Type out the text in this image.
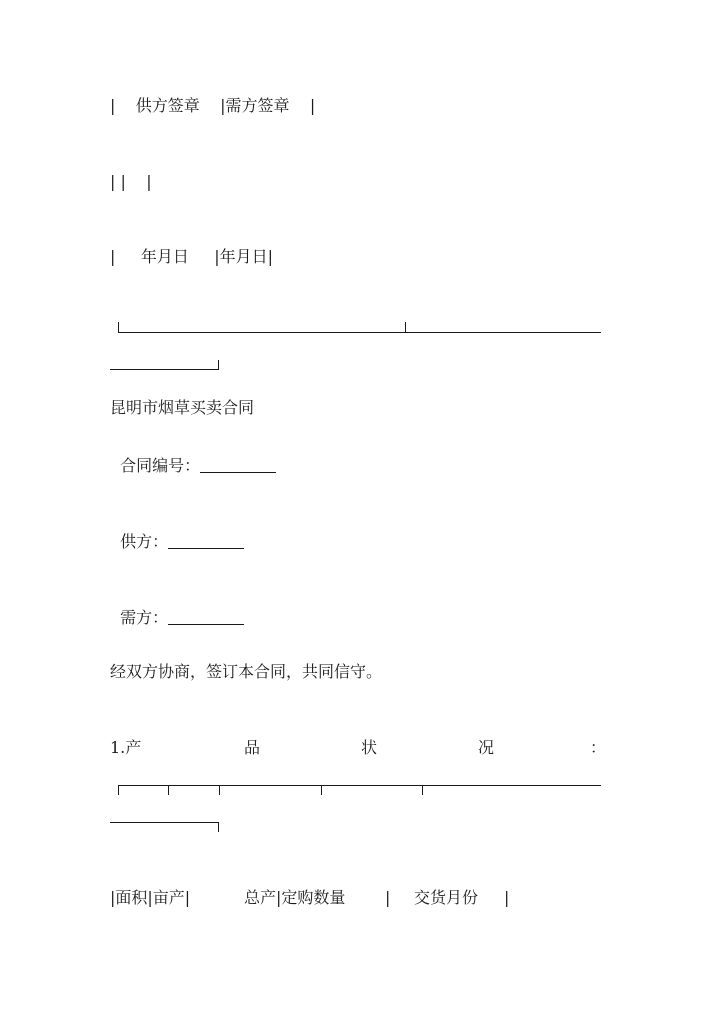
|    供方签章    |需方签章    |
| |    |
|     年月日     |年月日|
昆明市烟草买卖合同

合同编号：

供方：

需方：

经双方协商，签订本合同，共同信守。
1.产	品	状	况	：
|面积|亩产|	总产|定购数量 | 交货月份 |
